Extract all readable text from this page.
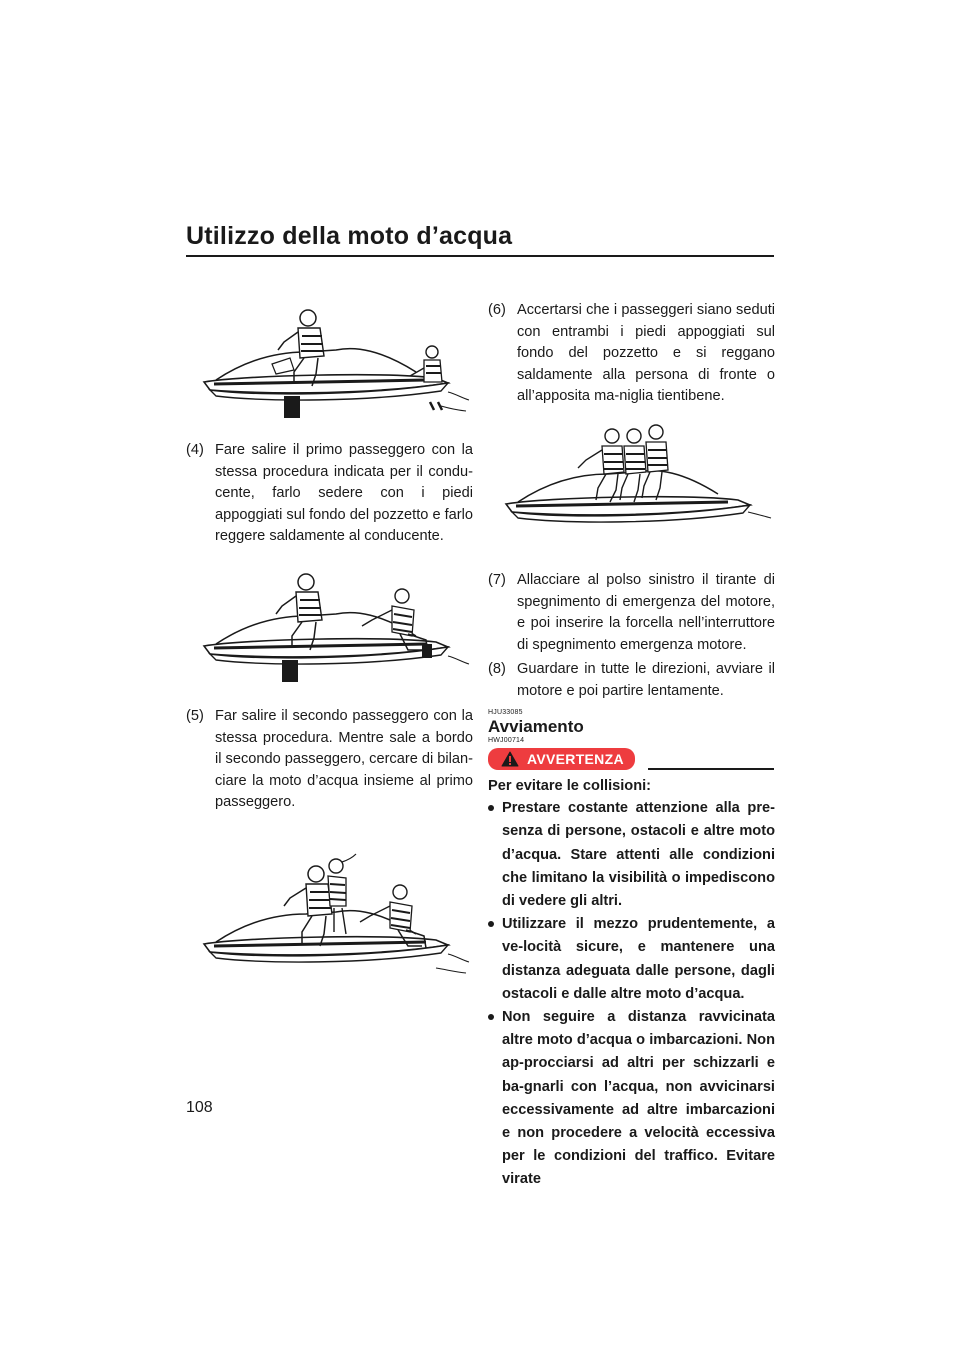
Utilizzo della moto d’acqua

(4) Fare salire il primo passeggero con la stessa procedura indicata per il condu-cente, farlo sedere con i piedi appoggiati sul fondo del pozzetto e farlo reggere saldamente al conducente.

(5) Far salire il secondo passeggero con la stessa procedura. Mentre sale a bordo il secondo passeggero, cercare di bilan-ciare la moto d’acqua insieme al primo passeggero.

(6) Accertarsi che i passeggeri siano seduti con entrambi i piedi appoggiati sul fondo del pozzetto e si reggano saldamente alla persona di fronte o all’apposita ma-niglia tientibene.

(7) Allacciare al polso sinistro il tirante di spegnimento di emergenza del motore, e poi inserire la forcella nell’interruttore di spegnimento emergenza motore.

(8) Guardare in tutte le direzioni, avviare il motore e poi partire lentamente.

HJU33085
Avviamento
HWJ00714
AVVERTENZA

Per evitare le collisioni:

Prestare costante attenzione alla pre-senza di persone, ostacoli e altre moto d’acqua. Stare attenti alle condizioni che limitano la visibilità o impediscono di vedere gli altri.

Utilizzare il mezzo prudentemente, a ve-locità sicure, e mantenere una distanza adeguata dalle persone, dagli ostacoli e dalle altre moto d’acqua.

Non seguire a distanza ravvicinata altre moto d’acqua o imbarcazioni. Non ap-procciarsi ad altri per schizzarli e ba-gnarli con l’acqua, non avvicinarsi eccessivamente ad altre imbarcazioni e non procedere a velocità eccessiva per le condizioni del traffico. Evitare virate

108
